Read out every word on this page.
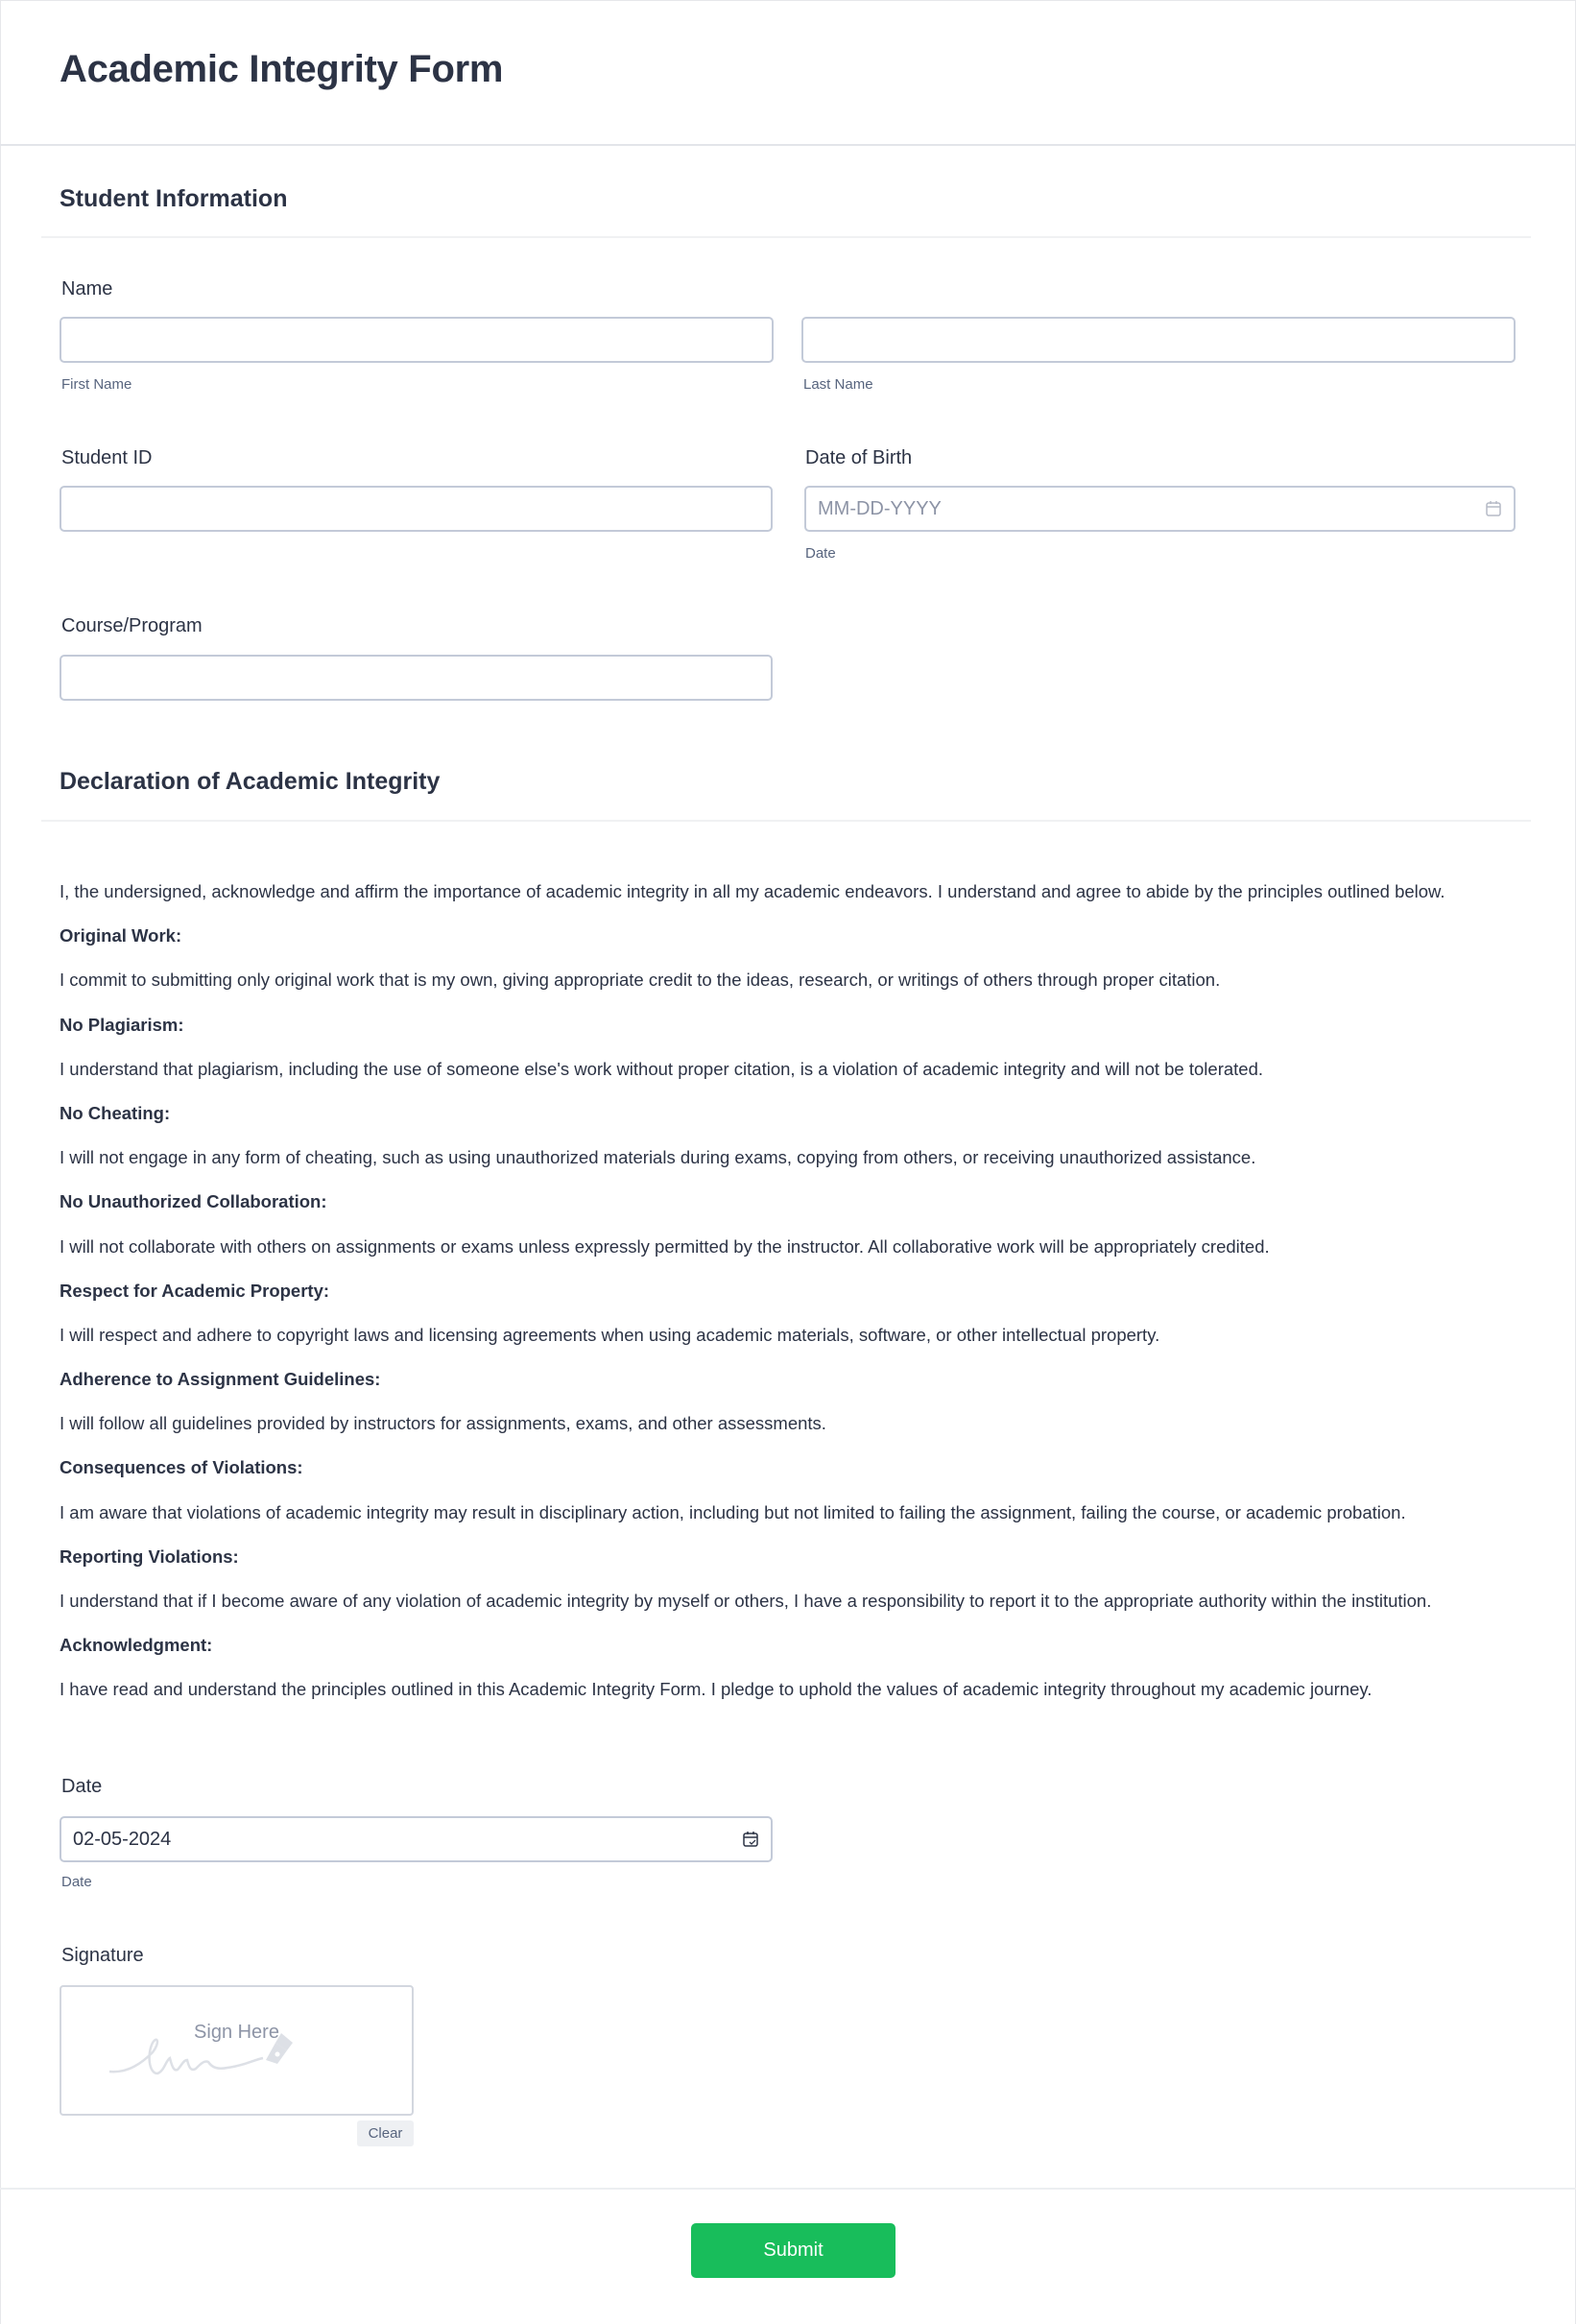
Academic Integrity Form
Student Information
Name
First Name	Last Name
Student ID	Date of Birth
MM-DD-YYYY
Date
Course/Program
Declaration of Academic Integrity

I, the undersigned, acknowledge and affirm the importance of academic integrity in all my academic endeavors. I understand and agree to abide by the principles outlined below.

Original Work:

I commit to submitting only original work that is my own, giving appropriate credit to the ideas, research, or writings of others through proper citation.

No Plagiarism:

I understand that plagiarism, including the use of someone else's work without proper citation, is a violation of academic integrity and will not be tolerated.

No Cheating:

I will not engage in any form of cheating, such as using unauthorized materials during exams, copying from others, or receiving unauthorized assistance.

No Unauthorized Collaboration:

I will not collaborate with others on assignments or exams unless expressly permitted by the instructor. All collaborative work will be appropriately credited.

Respect for Academic Property:

I will respect and adhere to copyright laws and licensing agreements when using academic materials, software, or other intellectual property.

Adherence to Assignment Guidelines:

I will follow all guidelines provided by instructors for assignments, exams, and other assessments.

Consequences of Violations:

I am aware that violations of academic integrity may result in disciplinary action, including but not limited to failing the assignment, failing the course, or academic probation.

Reporting Violations:

I understand that if I become aware of any violation of academic integrity by myself or others, I have a responsibility to report it to the appropriate authority within the institution.

Acknowledgment:

I have read and understand the principles outlined in this Academic Integrity Form. I pledge to uphold the values of academic integrity throughout my academic journey.

Date
02-05-2024
Date
Signature
Sign Here
Clear
Submit
